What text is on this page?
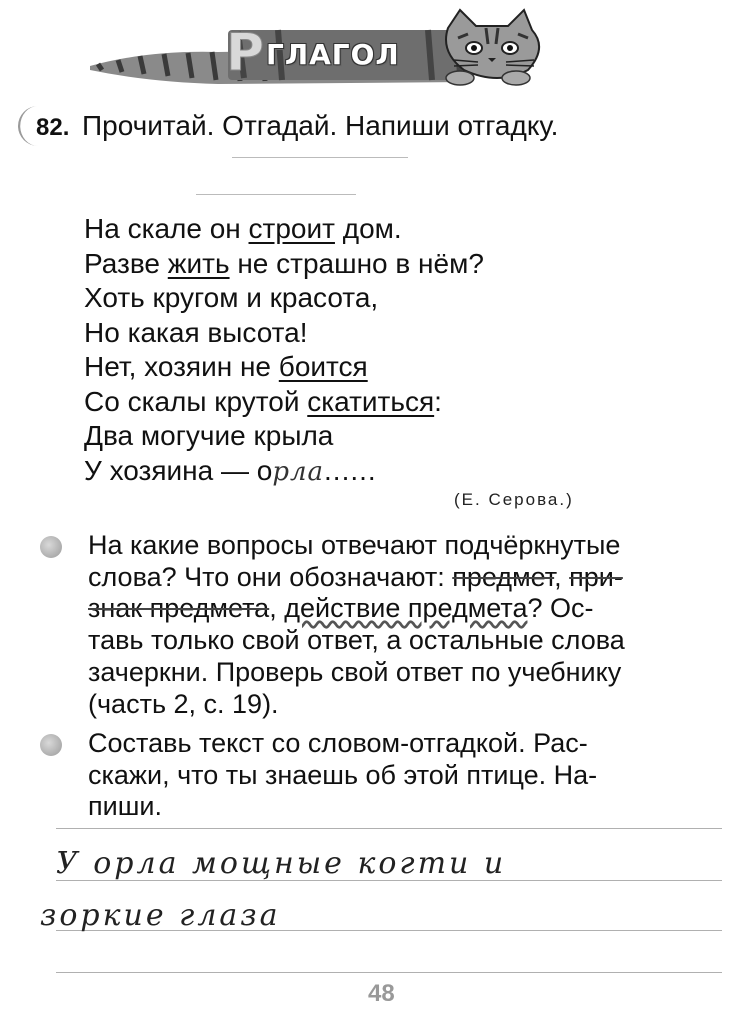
Р ГЛАГОЛ
82. Прочитай. Отгадай. Напиши отгадку.
На скале он строит дом.
Разве жить не страшно в нём?
Хоть кругом и красота,
Но какая высота!
Нет, хозяин не боится
Со скалы крутой скатиться:
Два могучие крыла
У хозяина — орла......
(Е. Серова.)
На какие вопросы отвечают подчёркнутые
слова? Что они обозначают: предмет, при-
знак предмета, действие предмета? Ос-
тавь только свой ответ, а остальные слова
зачеркни. Проверь свой ответ по учебнику
(часть 2, с. 19).
Составь текст со словом-отгадкой. Рас-
скажи, что ты знаешь об этой птице. На-
пиши.
У орла мощные когти и
зоркие глаза
48
